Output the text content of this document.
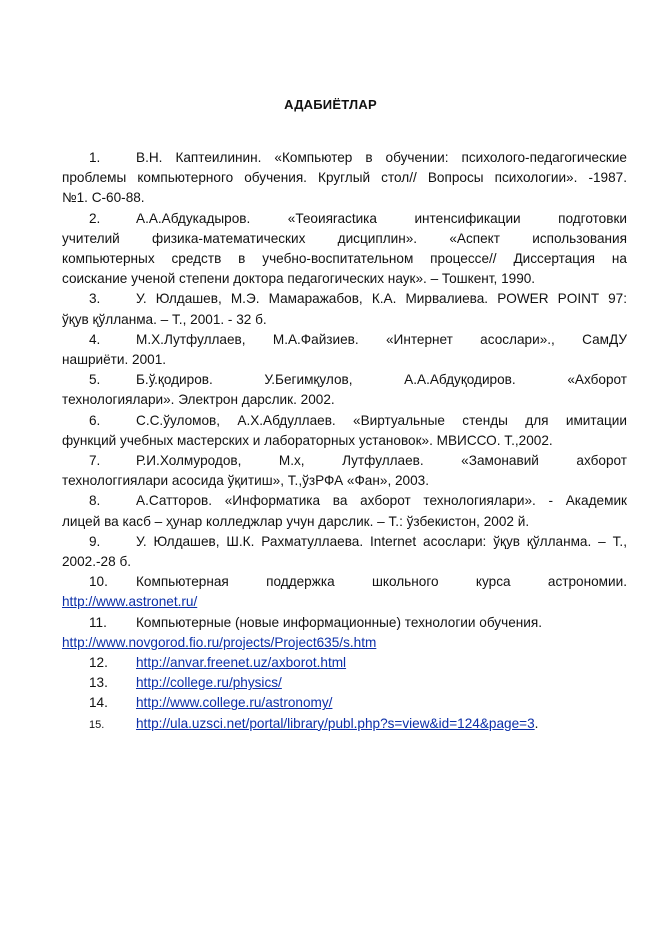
АДАБИЁТЛАР
1.	В.Н. Каптеилинин. «Компьютер в обучении: психолого-педагогические
проблемы компьютерного обучения. Круглый стол// Вопросы психологии». -1987.
№1. С-60-88.
2.	А.А.Абдукадыров. «Теоияractика интенсификации подготовки
учителий физика-математических дисциплин». «Аспект использования
компьютерных средств в учебно-воспитательном процессе// Диссертация на
соискание ученой степени доктора педагогических наук». – Тошкент, 1990.
3.	У. Юлдашев, М.Э. Мамаражабов, К.А. Мирвалиева. POWER POINT 97:
ўқув қўлланма. – Т., 2001. - 32 б.
4.	М.Х.Лутфуллаев, М.А.Файзиев. «Интернет асослари»., СамДУ
нашриёти. 2001.
5.	Б.ў.қодиров. У.Бегимқулов, А.А.Абдуқодиров. «Ахборот
технологиялари». Электрон дарслик. 2002.
6.	С.С.ўуломов, А.Х.Абдуллаев. «Виртуальные стенды для имитации
функций учебных мастерских и лабораторных установок». МВИССО. Т.,2002.
7.	Р.И.Холмуродов, М.х, Лутфуллаев. «Замонавий ахборот
технологгиялари асосида ўқитиш», Т.,ўзРФА «Фан», 2003.
8.	А.Сатторов. «Информатика ва ахборот технологиялари». - Академик
лицей ва касб – ҳунар колледжлар учун дарслик. – Т.: ўзбекистон, 2002 й.
9.	У. Юлдашев, Ш.К. Рахматуллаева. Internet асослари: ўқув қўлланма. – Т.,
2002.-28 б.
10. Компьютерная поддержка школьного курса астрономии.
http://www.astronet.ru/
11. Компьютерные (новые информационные) технологии обучения.
http://www.novgorod.fio.ru/projects/Project635/s.htm
12. http://anvar.freenet.uz/axborot.html
13. http://college.ru/physics/
14. http://www.college.ru/astronomy/
15. http://ula.uzsci.net/portal/library/publ.php?s=view&id=124&page=3.
